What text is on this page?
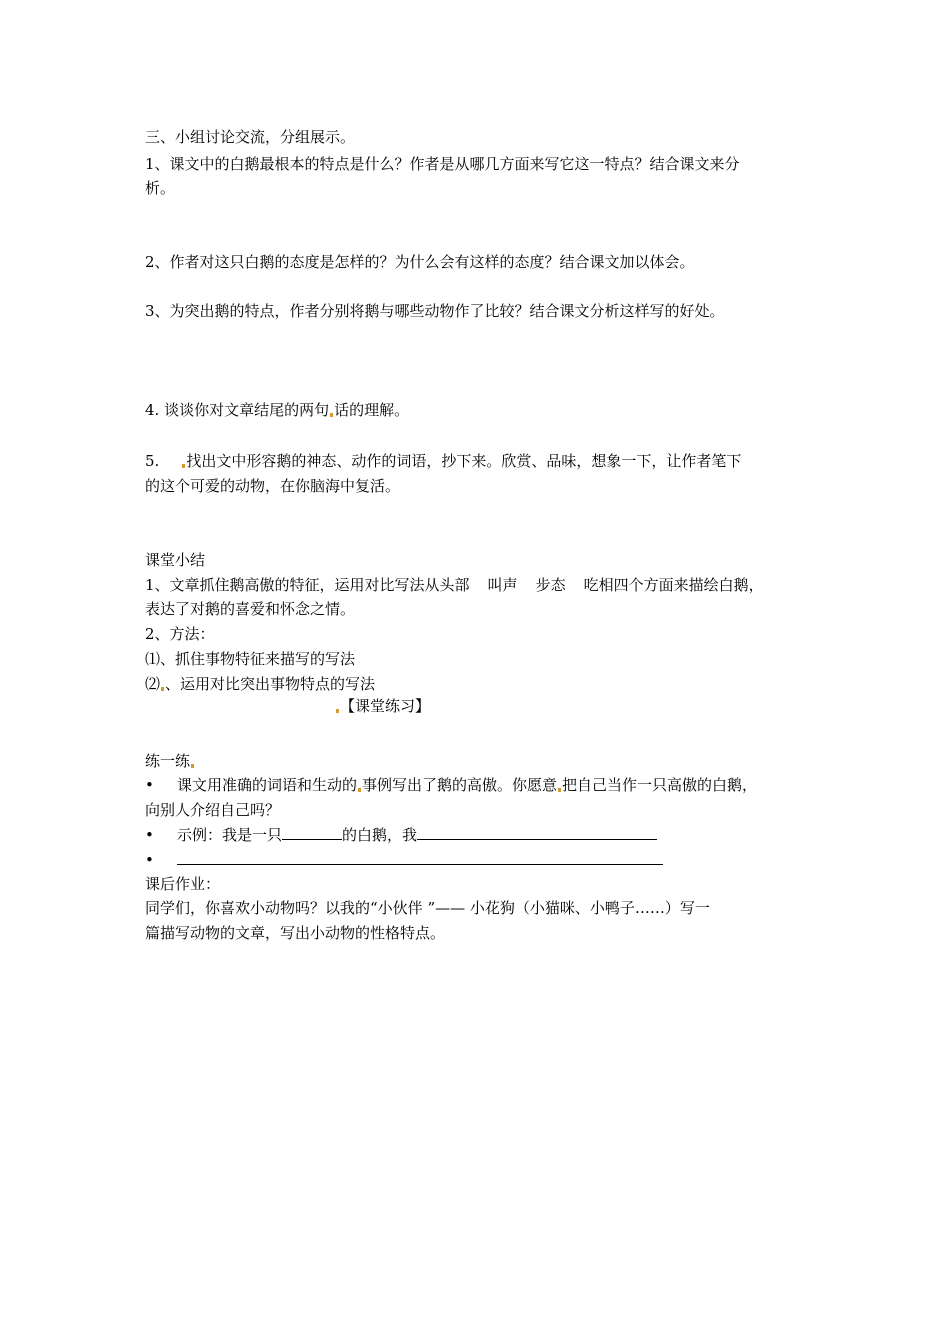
三、小组讨论交流，分组展示。
1、课文中的白鹅最根本的特点是什么？作者是从哪几方面来写它这一特点？结合课文来分
析。
2、作者对这只白鹅的态度是怎样的？为什么会有这样的态度？结合课文加以体会。
3、为突出鹅的特点，作者分别将鹅与哪些动物作了比较？结合课文分析这样写的好处。
4. 谈谈你对文章结尾的两句 话的理解。
5. 找出文中形容鹅的神态、动作的词语，抄下来。欣赏、品味，想象一下，让作者笔下
的这个可爱的动物，在你脑海中复活。
课堂小结
1、文章抓住鹅高傲的特征，运用对比写法从头部 叫声 步态 吃相四个方面来描绘白鹅，
表达了对鹅的喜爱和怀念之情。
2、方法：
⑴、抓住事物特征来描写的写法
⑵ 、运用对比突出事物特点的写法
【课堂练习】
练一练
• 课文用准确的词语和生动的 事例写出了鹅的高傲。你愿意 把自己当作一只高傲的白鹅，
向别人介绍自己吗？
• 示例：我是一只	的白鹅，我
•
课后作业：
同学们，你喜欢小动物吗？以我的“小伙伴 ”—— 小花狗（小猫咪、小鸭子……）写一
篇描写动物的文章，写出小动物的性格特点。
